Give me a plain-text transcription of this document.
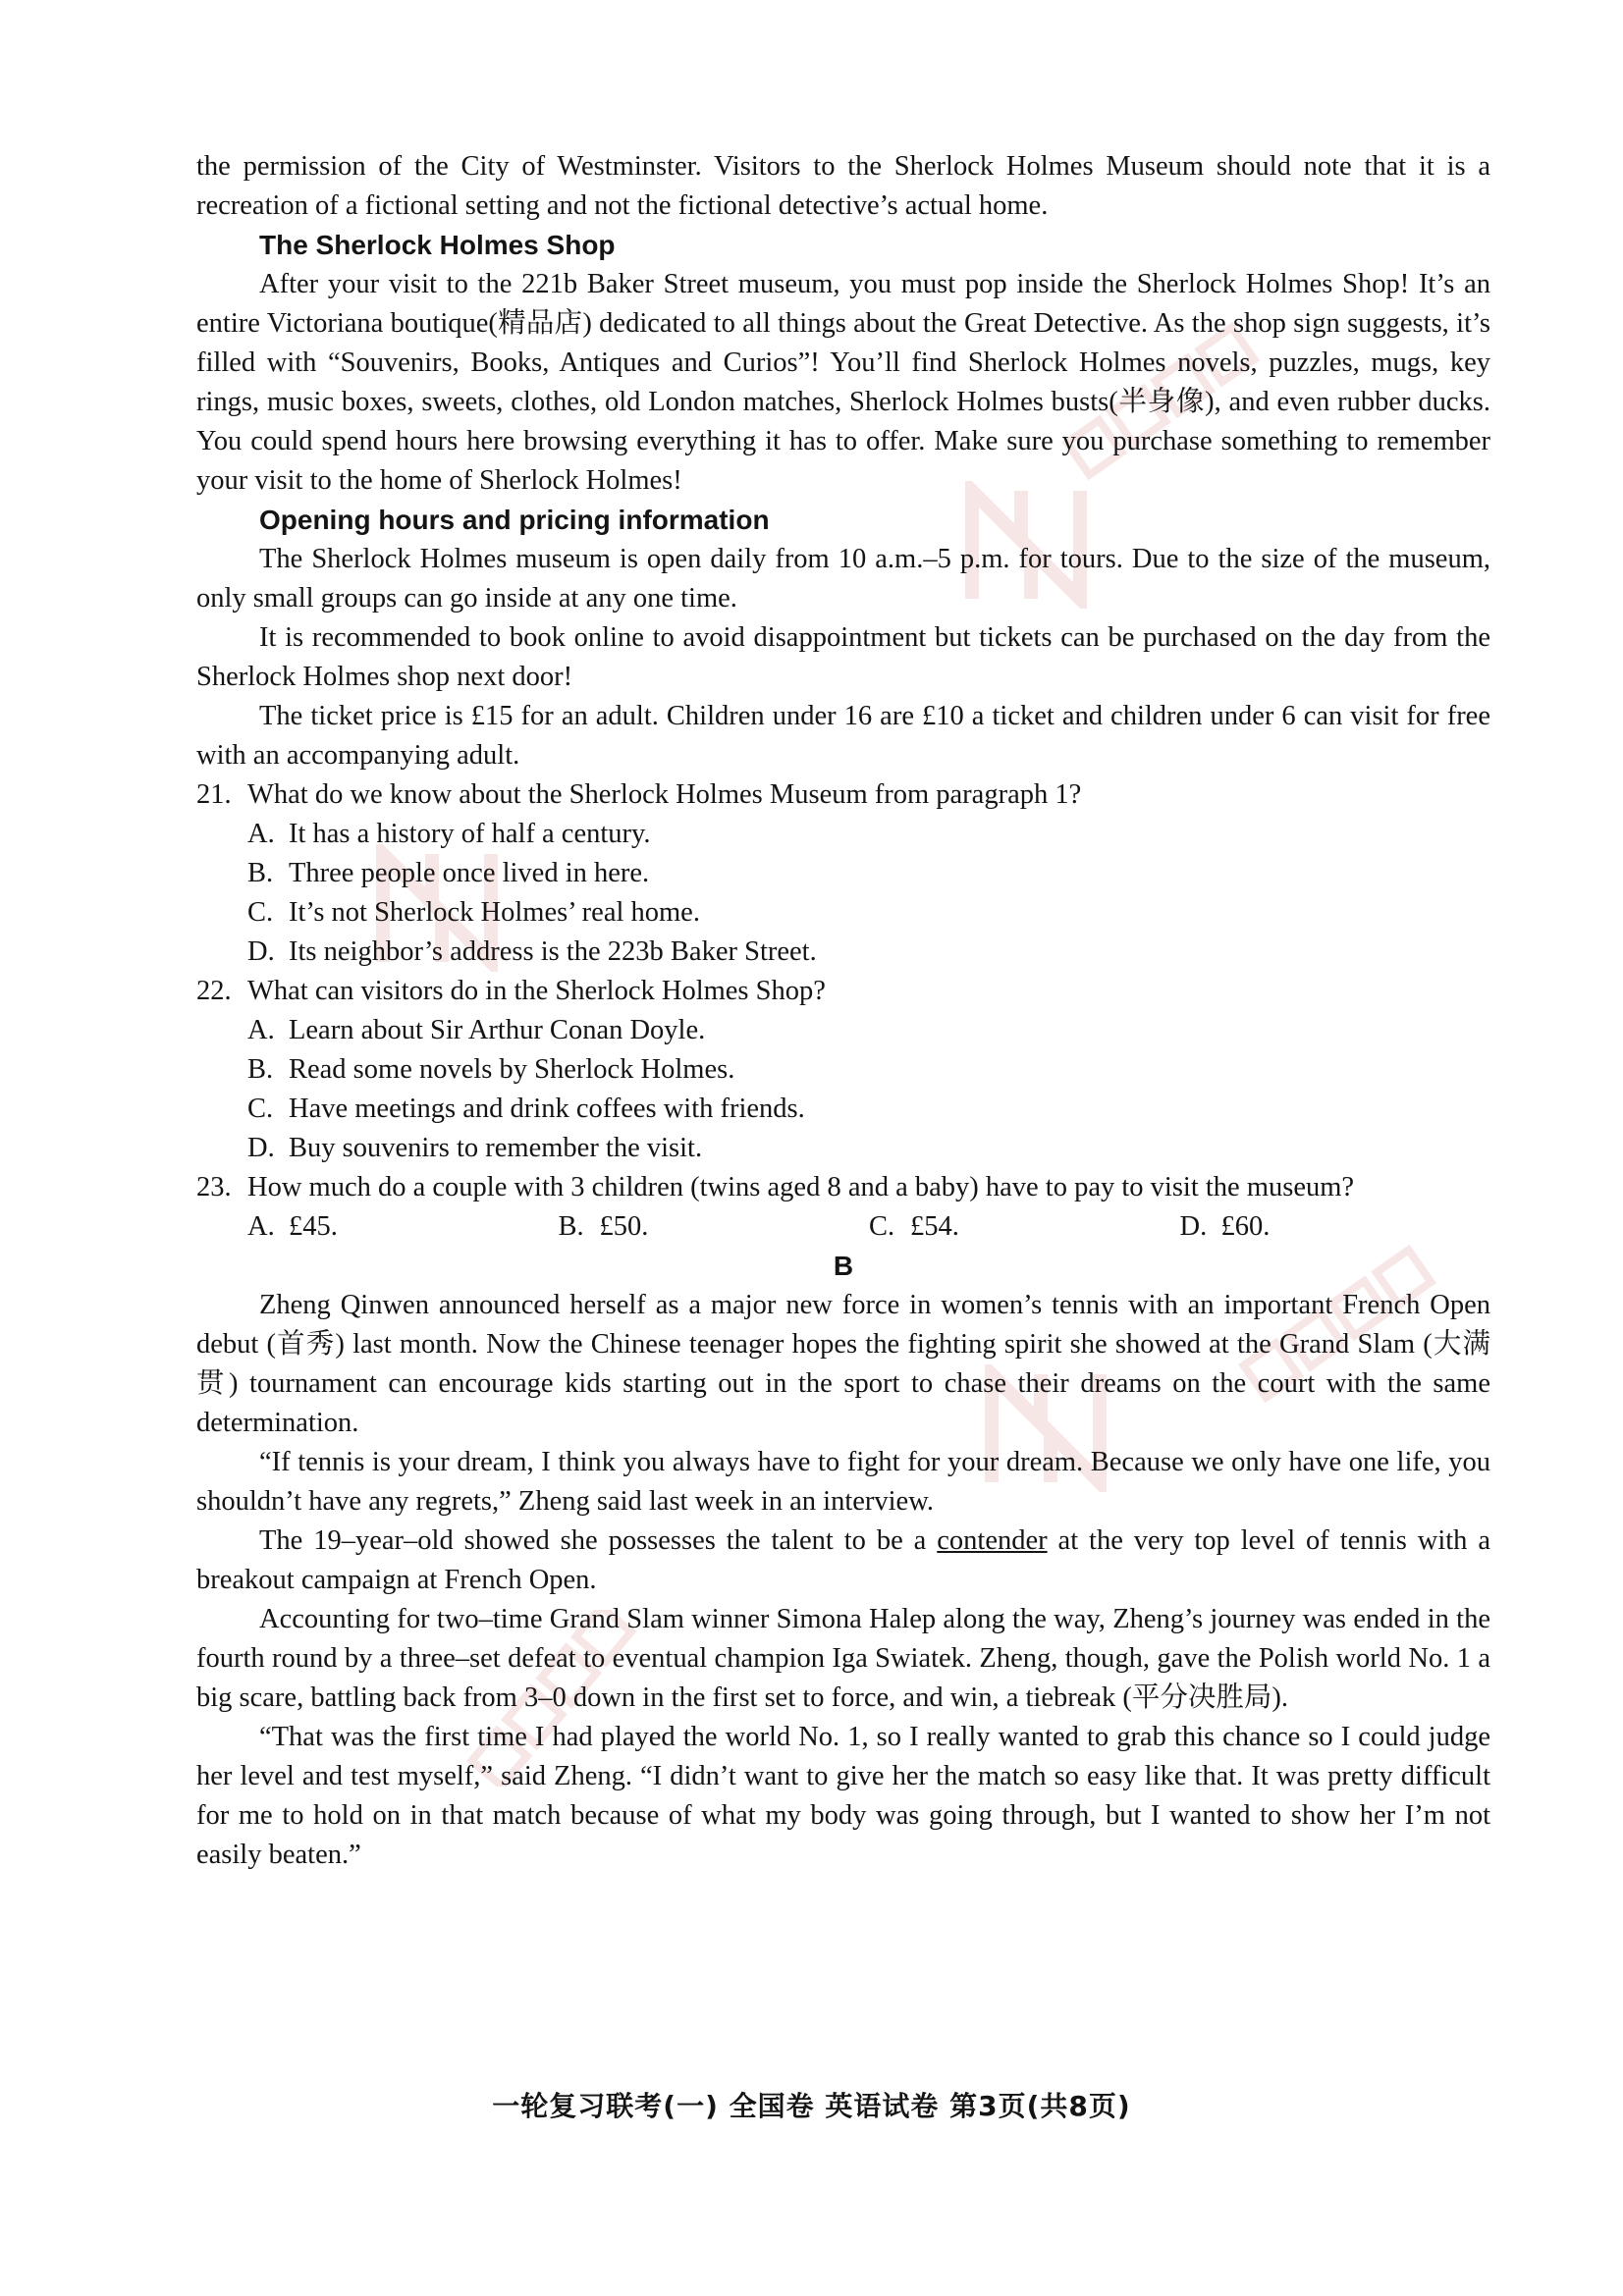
the permission of the City of Westminster. Visitors to the Sherlock Holmes Museum should note that it is a recreation of a fictional setting and not the fictional detective’s actual home.

The Sherlock Holmes Shop

After your visit to the 221b Baker Street museum, you must pop inside the Sherlock Holmes Shop! It’s an entire Victoriana boutique(精品店) dedicated to all things about the Great Detective. As the shop sign suggests, it’s filled with “Souvenirs, Books, Antiques and Curios”! You’ll find Sherlock Holmes novels, puzzles, mugs, key rings, music boxes, sweets, clothes, old London matches, Sherlock Holmes busts(半身像), and even rubber ducks. You could spend hours here browsing everything it has to offer. Make sure you purchase something to remember your visit to the home of Sherlock Holmes!

Opening hours and pricing information

The Sherlock Holmes museum is open daily from 10 a.m.–5 p.m. for tours. Due to the size of the museum, only small groups can go inside at any one time.

It is recommended to book online to avoid disappointment but tickets can be purchased on the day from the Sherlock Holmes shop next door!

The ticket price is £15 for an adult. Children under 16 are £10 a ticket and children under 6 can visit for free with an accompanying adult.

21. What do we know about the Sherlock Holmes Museum from paragraph 1?
A. It has a history of half a century.
B. Three people once lived in here.
C. It’s not Sherlock Holmes’ real home.
D. Its neighbor’s address is the 223b Baker Street.
22. What can visitors do in the Sherlock Holmes Shop?
A. Learn about Sir Arthur Conan Doyle.
B. Read some novels by Sherlock Holmes.
C. Have meetings and drink coffees with friends.
D. Buy souvenirs to remember the visit.
23. How much do a couple with 3 children (twins aged 8 and a baby) have to pay to visit the museum?
A. £45.	B. £50.	C. £54.	D. £60.

B

Zheng Qinwen announced herself as a major new force in women’s tennis with an important French Open debut (首秀) last month. Now the Chinese teenager hopes the fighting spirit she showed at the Grand Slam (大满贯) tournament can encourage kids starting out in the sport to chase their dreams on the court with the same determination.

“If tennis is your dream, I think you always have to fight for your dream. Because we only have one life, you shouldn’t have any regrets,” Zheng said last week in an interview.

The 19–year–old showed she possesses the talent to be a contender at the very top level of tennis with a breakout campaign at French Open.

Accounting for two–time Grand Slam winner Simona Halep along the way, Zheng’s journey was ended in the fourth round by a three–set defeat to eventual champion Iga Swiatek. Zheng, though, gave the Polish world No. 1 a big scare, battling back from 3–0 down in the first set to force, and win, a tiebreak (平分决胜局).

“That was the first time I had played the world No. 1, so I really wanted to grab this chance so I could judge her level and test myself,” said Zheng. “I didn’t want to give her the match so easy like that. It was pretty difficult for me to hold on in that match because of what my body was going through, but I wanted to show her I’m not easily beaten.”

一轮复习联考(一) 全国卷 英语试卷 第3页(共8页)
